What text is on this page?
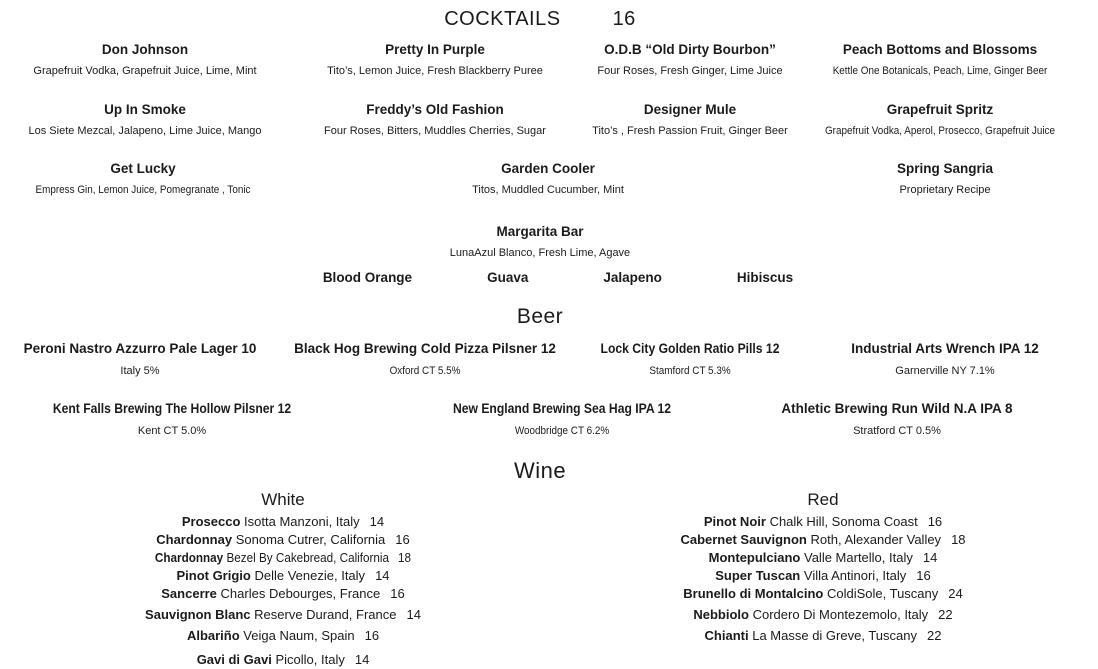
COCKTAILS	16
Don Johnson
Grapefruit Vodka, Grapefruit Juice, Lime, Mint
Pretty In Purple
Tito’s, Lemon Juice, Fresh Blackberry Puree
O.D.B “Old Dirty Bourbon”
Four Roses, Fresh Ginger, Lime Juice
Peach Bottoms and Blossoms
Kettle One Botanicals, Peach, Lime, Ginger Beer
Up In Smoke
Los Siete Mezcal, Jalapeno, Lime Juice, Mango
Freddy’s Old Fashion
Four Roses, Bitters, Muddles Cherries, Sugar
Designer Mule
Tito’s , Fresh Passion Fruit, Ginger Beer
Grapefruit Spritz
Grapefruit Vodka, Aperol, Prosecco, Grapefruit Juice
Get Lucky
Empress Gin, Lemon Juice, Pomegranate , Tonic
Garden Cooler
Titos, Muddled Cucumber, Mint
Spring Sangria
Proprietary Recipe
Margarita Bar
LunaAzul Blanco, Fresh Lime, Agave
Blood Orange	Guava	Jalapeno	Hibiscus
Beer
Peroni Nastro Azzurro Pale Lager 10
Italy 5%
Black Hog Brewing Cold Pizza Pilsner 12
Oxford CT 5.5%
Lock City Golden Ratio Pills 12
Stamford CT 5.3%
Industrial Arts Wrench IPA 12
Garnerville NY 7.1%
Kent Falls Brewing The Hollow Pilsner 12
Kent CT 5.0%
New England Brewing Sea Hag IPA 12
Woodbridge CT 6.2%
Athletic Brewing Run Wild N.A IPA 8
Stratford CT 0.5%
Wine
White
Prosecco Isotta Manzoni, Italy 14
Chardonnay Sonoma Cutrer, California 16
Chardonnay Bezel By Cakebread, California 18
Pinot Grigio Delle Venezie, Italy 14
Sancerre Charles Debourges, France 16
Sauvignon Blanc Reserve Durand, France 14
Albariño Veiga Naum, Spain 16
Gavi di Gavi Picollo, Italy 14
Red
Pinot Noir Chalk Hill, Sonoma Coast 16
Cabernet Sauvignon Roth, Alexander Valley 18
Montepulciano Valle Martello, Italy 14
Super Tuscan Villa Antinori, Italy 16
Brunello di Montalcino ColdiSole, Tuscany 24
Nebbiolo Cordero Di Montezemolo, Italy 22
Chianti La Masse di Greve, Tuscany 22
